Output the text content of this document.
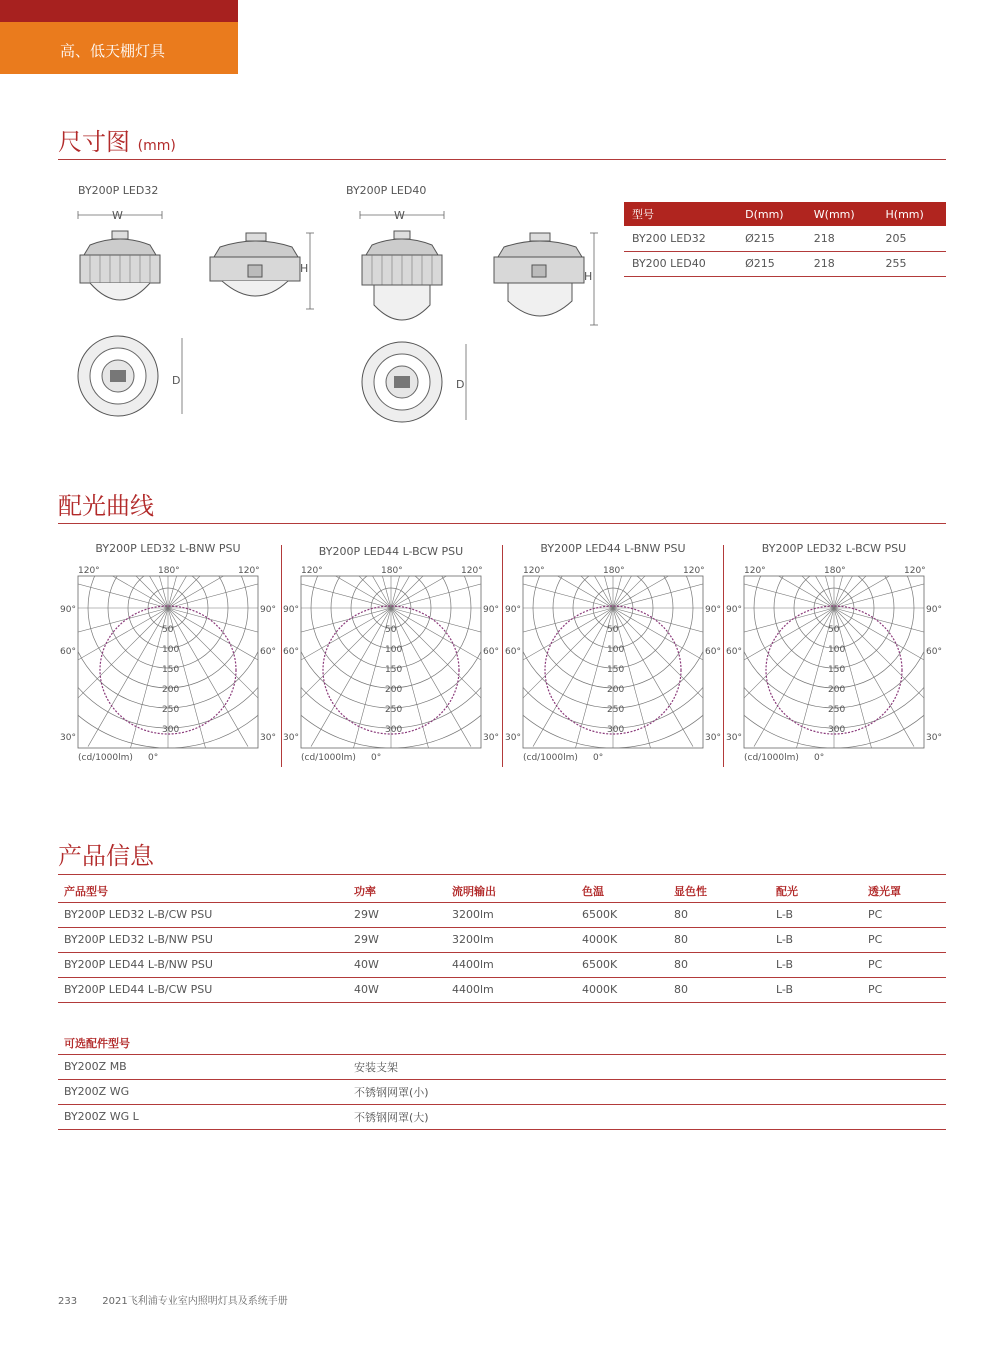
高、低天棚灯具
尺寸图 (mm)
BY200P LED32	BY200P LED40
W
H
D
W
H
D
型号	D(mm)	W(mm)	H(mm)
BY200 LED32	Ø215	218	205
BY200 LED40	Ø215	218	255
配光曲线
BY200P LED32 L-BNW PSU
50
100
150
200
250
300
120°	180°	120°
90°	90°
60°	60°
30°	30°
(cd/1000lm) 0°
BY200P LED44 L-BCW PSU
50
100
150
200
250
300
120°	180°	120°
90°	90°
60°	60°
30°	30°
(cd/1000lm) 0°
BY200P LED44 L-BNW PSU
50
100
150
200
250
300
120°	180°	120°
90°	90°
60°	60°
30°	30°
(cd/1000lm) 0°
BY200P LED32 L-BCW PSU
50
100
150
200
250
300
120°	180°	120°
90°	90°
60°	60°
30°	30°
(cd/1000lm) 0°
产品信息
产品型号	功率	流明输出	色温	显色性	配光	透光罩
BY200P LED32 L-B/CW PSU	29W	3200lm	6500K	80	L-B	PC
BY200P LED32 L-B/NW PSU	29W	3200lm	4000K	80	L-B	PC
BY200P LED44 L-B/NW PSU	40W	4400lm	6500K	80	L-B	PC
BY200P LED44 L-B/CW PSU	40W	4400lm	4000K	80	L-B	PC
可选配件型号	
BY200Z MB	安装支架
BY200Z WG	不锈钢网罩(小)
BY200Z WG L	不锈钢网罩(大)
233	2021飞利浦专业室内照明灯具及系统手册
